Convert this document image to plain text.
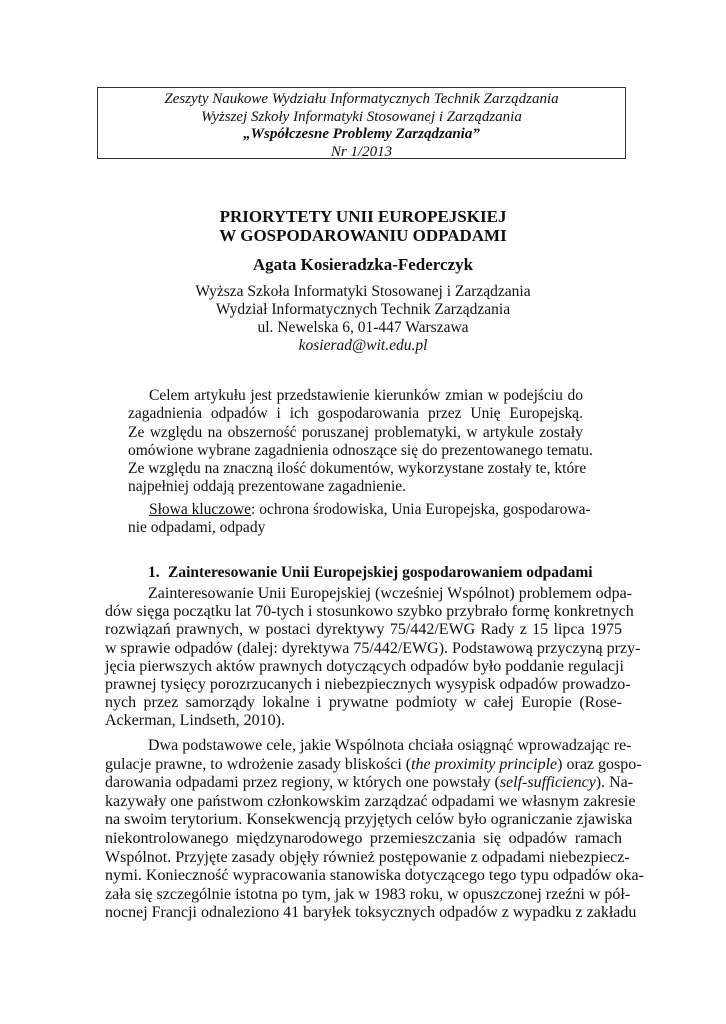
Zeszyty Naukowe Wydziału Informatycznych Technik Zarządzania
Wyższej Szkoły Informatyki Stosowanej i Zarządzania
„Współczesne Problemy Zarządzania”
Nr 1/2013
PRIORYTETY UNII EUROPEJSKIEJ
W GOSPODAROWANIU ODPADAMI
Agata Kosieradzka-Federczyk
Wyższa Szkoła Informatyki Stosowanej i Zarządzania
Wydział Informatycznych Technik Zarządzania
ul. Newelska 6, 01-447 Warszawa
kosierad@wit.edu.pl
Celem artykułu jest przedstawienie kierunków zmian w podejściu do
zagadnienia odpadów i ich gospodarowania przez Unię Europejską.
Ze względu na obszerność poruszanej problematyki, w artykule zostały
omówione wybrane zagadnienia odnoszące się do prezentowanego tematu.
Ze względu na znaczną ilość dokumentów, wykorzystane zostały te, które
najpełniej oddają prezentowane zagadnienie.
Słowa kluczowe: ochrona środowiska, Unia Europejska, gospodarowa-
nie odpadami, odpady
1. Zainteresowanie Unii Europejskiej gospodarowaniem odpadami
Zainteresowanie Unii Europejskiej (wcześniej Wspólnot) problemem odpa-
dów sięga początku lat 70-tych i stosunkowo szybko przybrało formę konkretnych
rozwiązań prawnych, w postaci dyrektywy 75/442/EWG Rady z 15 lipca 1975
w sprawie odpadów (dalej: dyrektywa 75/442/EWG). Podstawową przyczyną przy-
jęcia pierwszych aktów prawnych dotyczących odpadów było poddanie regulacji
prawnej tysięcy porozrzucanych i niebezpiecznych wysypisk odpadów prowadzo-
nych przez samorządy lokalne i prywatne podmioty w całej Europie (Rose-
Ackerman, Lindseth, 2010).
Dwa podstawowe cele, jakie Wspólnota chciała osiągnąć wprowadzając re-
gulacje prawne, to wdrożenie zasady bliskości (the proximity principle) oraz gospo-
darowania odpadami przez regiony, w których one powstały (self-sufficiency). Na-
kazywały one państwom członkowskim zarządzać odpadami we własnym zakresie
na swoim terytorium. Konsekwencją przyjętych celów było ograniczanie zjawiska
niekontrolowanego międzynarodowego przemieszczania się odpadów ramach
Wspólnot. Przyjęte zasady objęły również postępowanie z odpadami niebezpiecz-
nymi. Konieczność wypracowania stanowiska dotyczącego tego typu odpadów oka-
zała się szczególnie istotna po tym, jak w 1983 roku, w opuszczonej rzeźni w pół-
nocnej Francji odnaleziono 41 baryłek toksycznych odpadów z wypadku z zakładu
